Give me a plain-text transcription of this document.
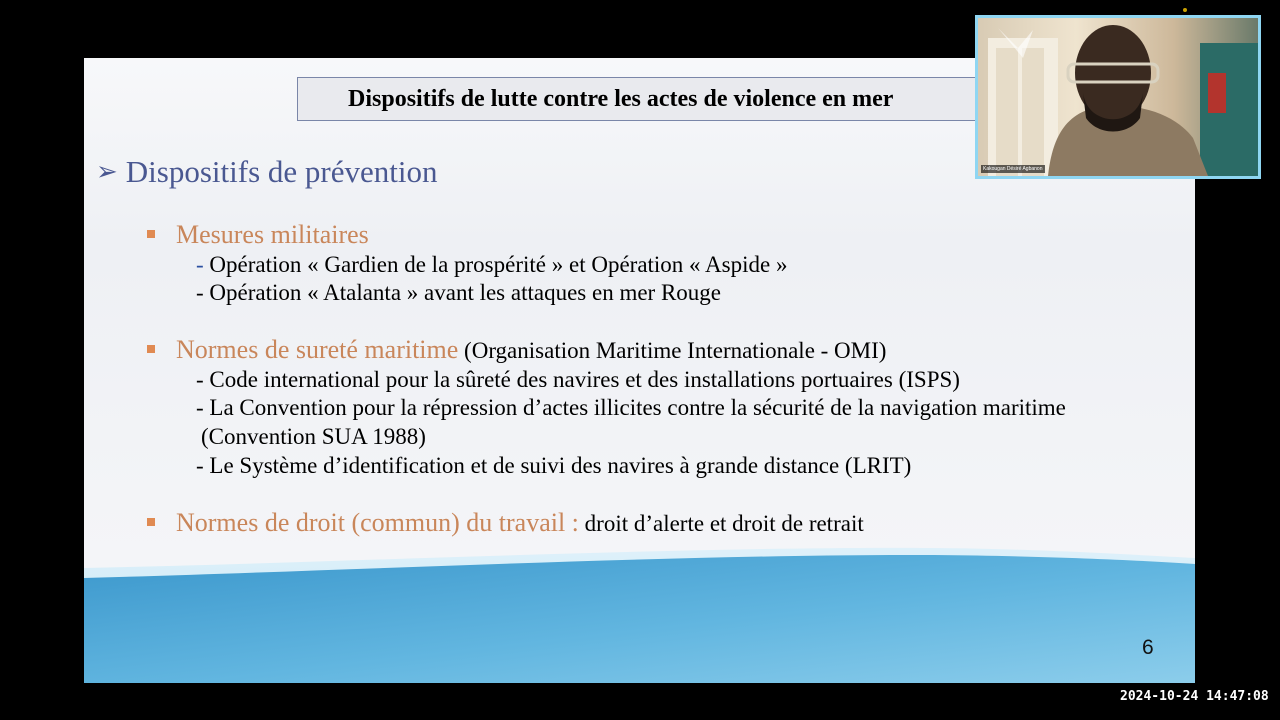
Dispositifs de lutte contre les actes de violence en mer
➢ Dispositifs de prévention
Mesures militaires
- Opération « Gardien de la prospérité » et Opération « Aspide »
- Opération « Atalanta » avant les attaques en mer Rouge
Normes de sureté maritime (Organisation Maritime Internationale - OMI)
- Code international pour la sûreté des navires et des installations portuaires (ISPS)
- La Convention pour la répression d’actes illicites contre la sécurité de la navigation maritime
(Convention SUA 1988)
- Le Système d’identification et de suivi des navires à grande distance (LRIT)
Normes de droit (commun) du travail : droit d’alerte et droit de retrait
6
Kakougan Désiré Agbanon
2024-10-24 14:47:08
